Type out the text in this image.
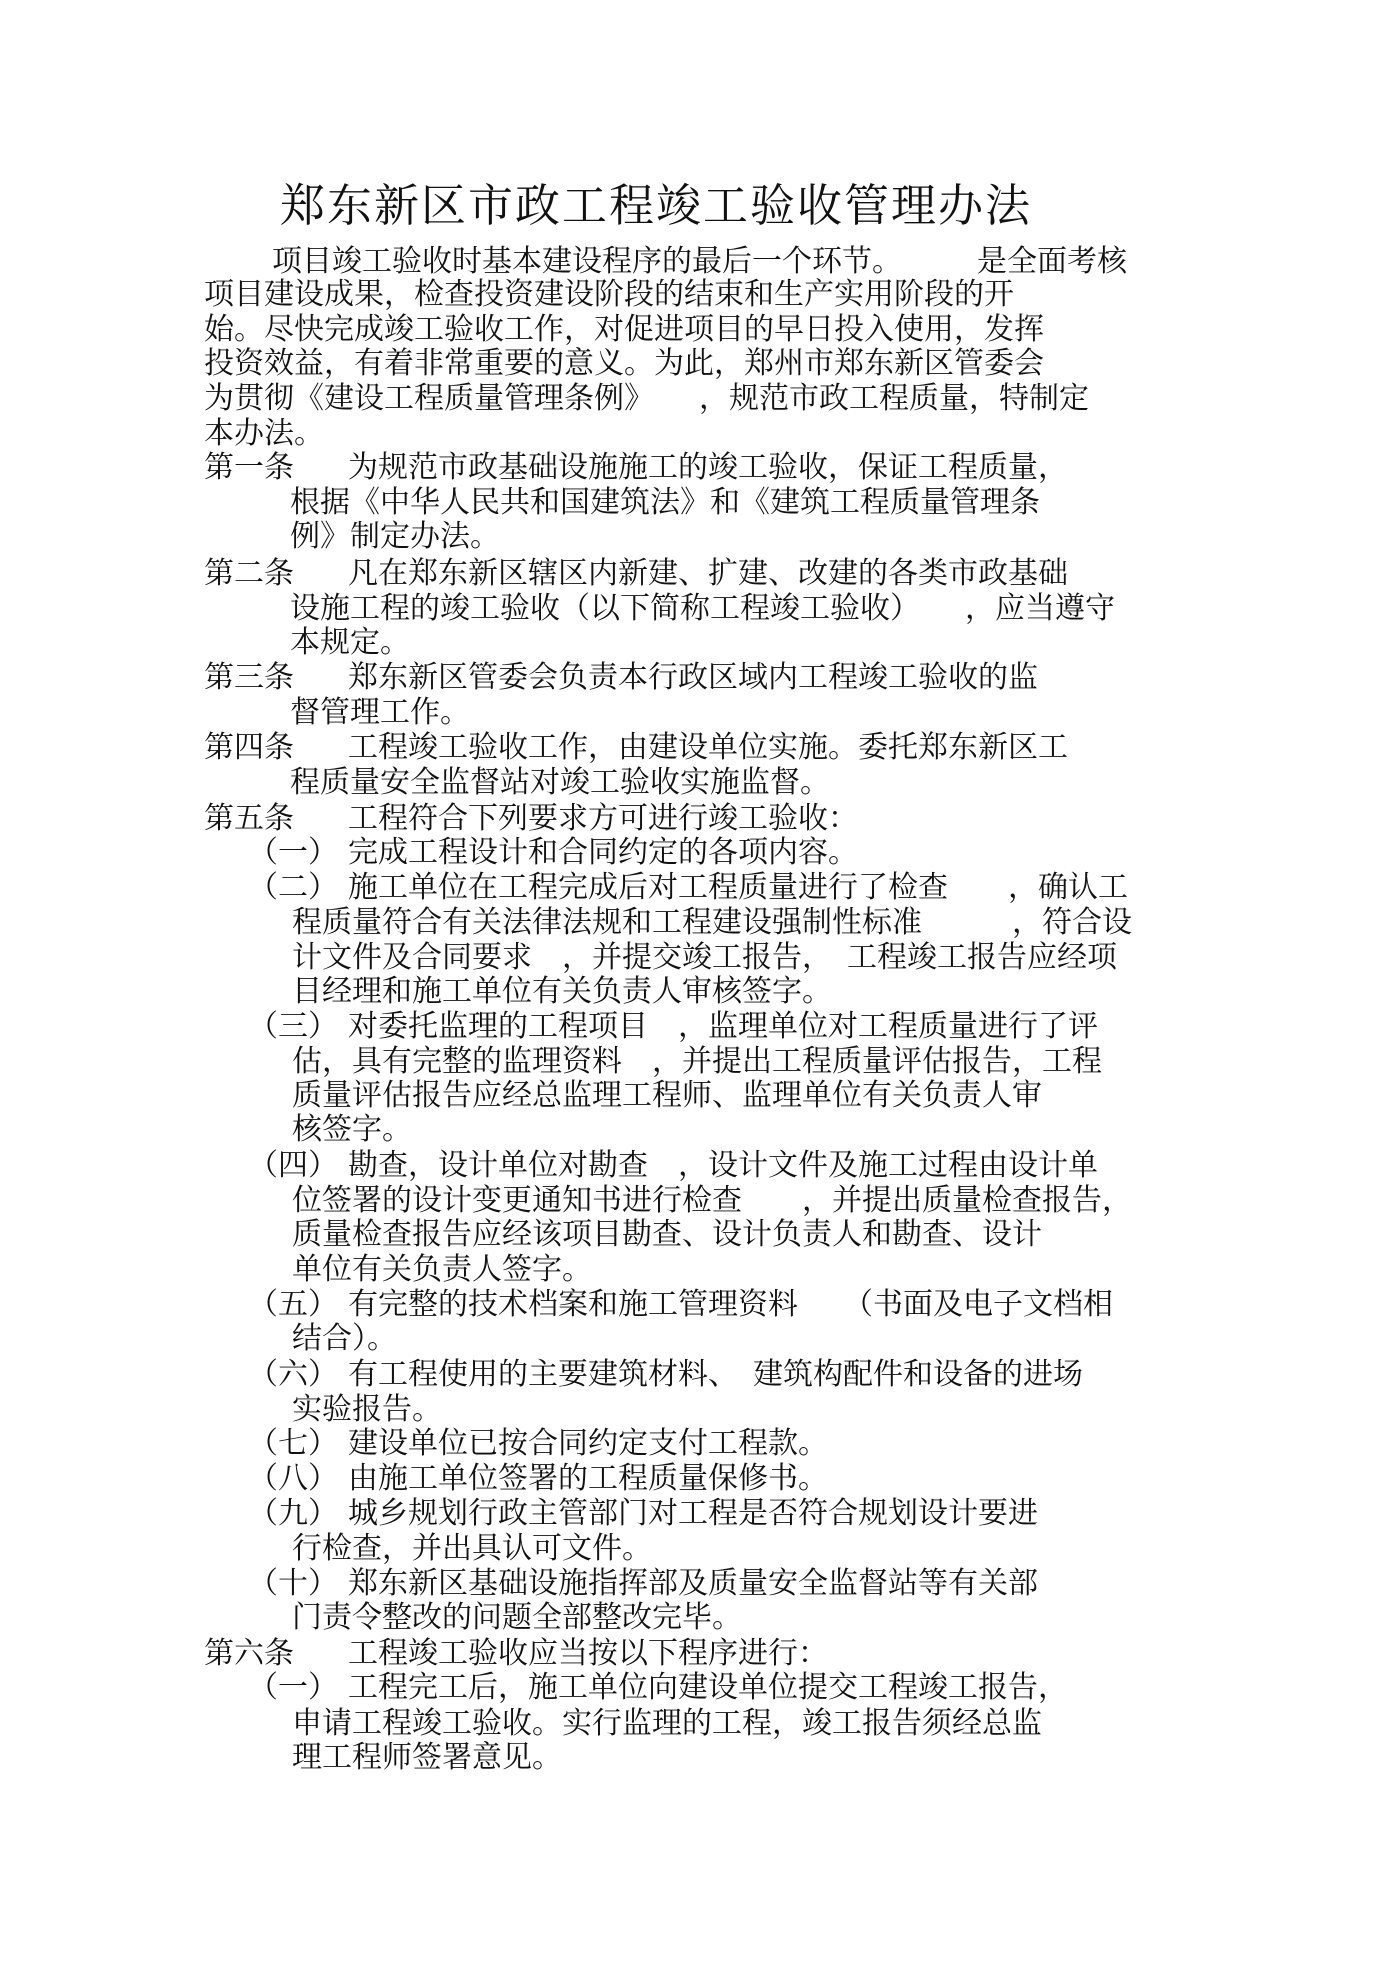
郑东新区市政工程竣工验收管理办法
项目竣工验收时基本建设程序的最后一个环节。　　　是全面考核
项目建设成果，检查投资建设阶段的结束和生产实用阶段的开
始。尽快完成竣工验收工作，对促进项目的早日投入使用，发挥
投资效益，有着非常重要的意义。为此，郑州市郑东新区管委会
为贯彻《建设工程质量管理条例》　　，规范市政工程质量，特制定
本办法。
第一条 为规范市政基础设施施工的竣工验收，保证工程质量，
根据《中华人民共和国建筑法》和《建筑工程质量管理条
例》制定办法。
第二条 凡在郑东新区辖区内新建、扩建、改建的各类市政基础
设施工程的竣工验收（以下简称工程竣工验收）　　，应当遵守
本规定。
第三条 郑东新区管委会负责本行政区域内工程竣工验收的监
督管理工作。
第四条 工程竣工验收工作，由建设单位实施。委托郑东新区工
程质量安全监督站对竣工验收实施监督。
第五条 工程符合下列要求方可进行竣工验收：
（一） 完成工程设计和合同约定的各项内容。
（二） 施工单位在工程完成后对工程质量进行了检查　　，确认工
程质量符合有关法律法规和工程建设强制性标准　　　，符合设
计文件及合同要求　，并提交竣工报告，　工程竣工报告应经项
目经理和施工单位有关负责人审核签字。
（三） 对委托监理的工程项目　，监理单位对工程质量进行了评
估，具有完整的监理资料　，并提出工程质量评估报告，工程
质量评估报告应经总监理工程师、监理单位有关负责人审
核签字。
（四） 勘查，设计单位对勘查　，设计文件及施工过程由设计单
位签署的设计变更通知书进行检查　　，并提出质量检查报告，
质量检查报告应经该项目勘查、设计负责人和勘查、设计
单位有关负责人签字。
（五） 有完整的技术档案和施工管理资料　　（书面及电子文档相
结合）。
（六） 有工程使用的主要建筑材料、　建筑构配件和设备的进场
实验报告。
（七） 建设单位已按合同约定支付工程款。
（八） 由施工单位签署的工程质量保修书。
（九） 城乡规划行政主管部门对工程是否符合规划设计要进
行检查，并出具认可文件。
（十） 郑东新区基础设施指挥部及质量安全监督站等有关部
门责令整改的问题全部整改完毕。
第六条 工程竣工验收应当按以下程序进行：
（一） 工程完工后，施工单位向建设单位提交工程竣工报告，
申请工程竣工验收。实行监理的工程，竣工报告须经总监
理工程师签署意见。
